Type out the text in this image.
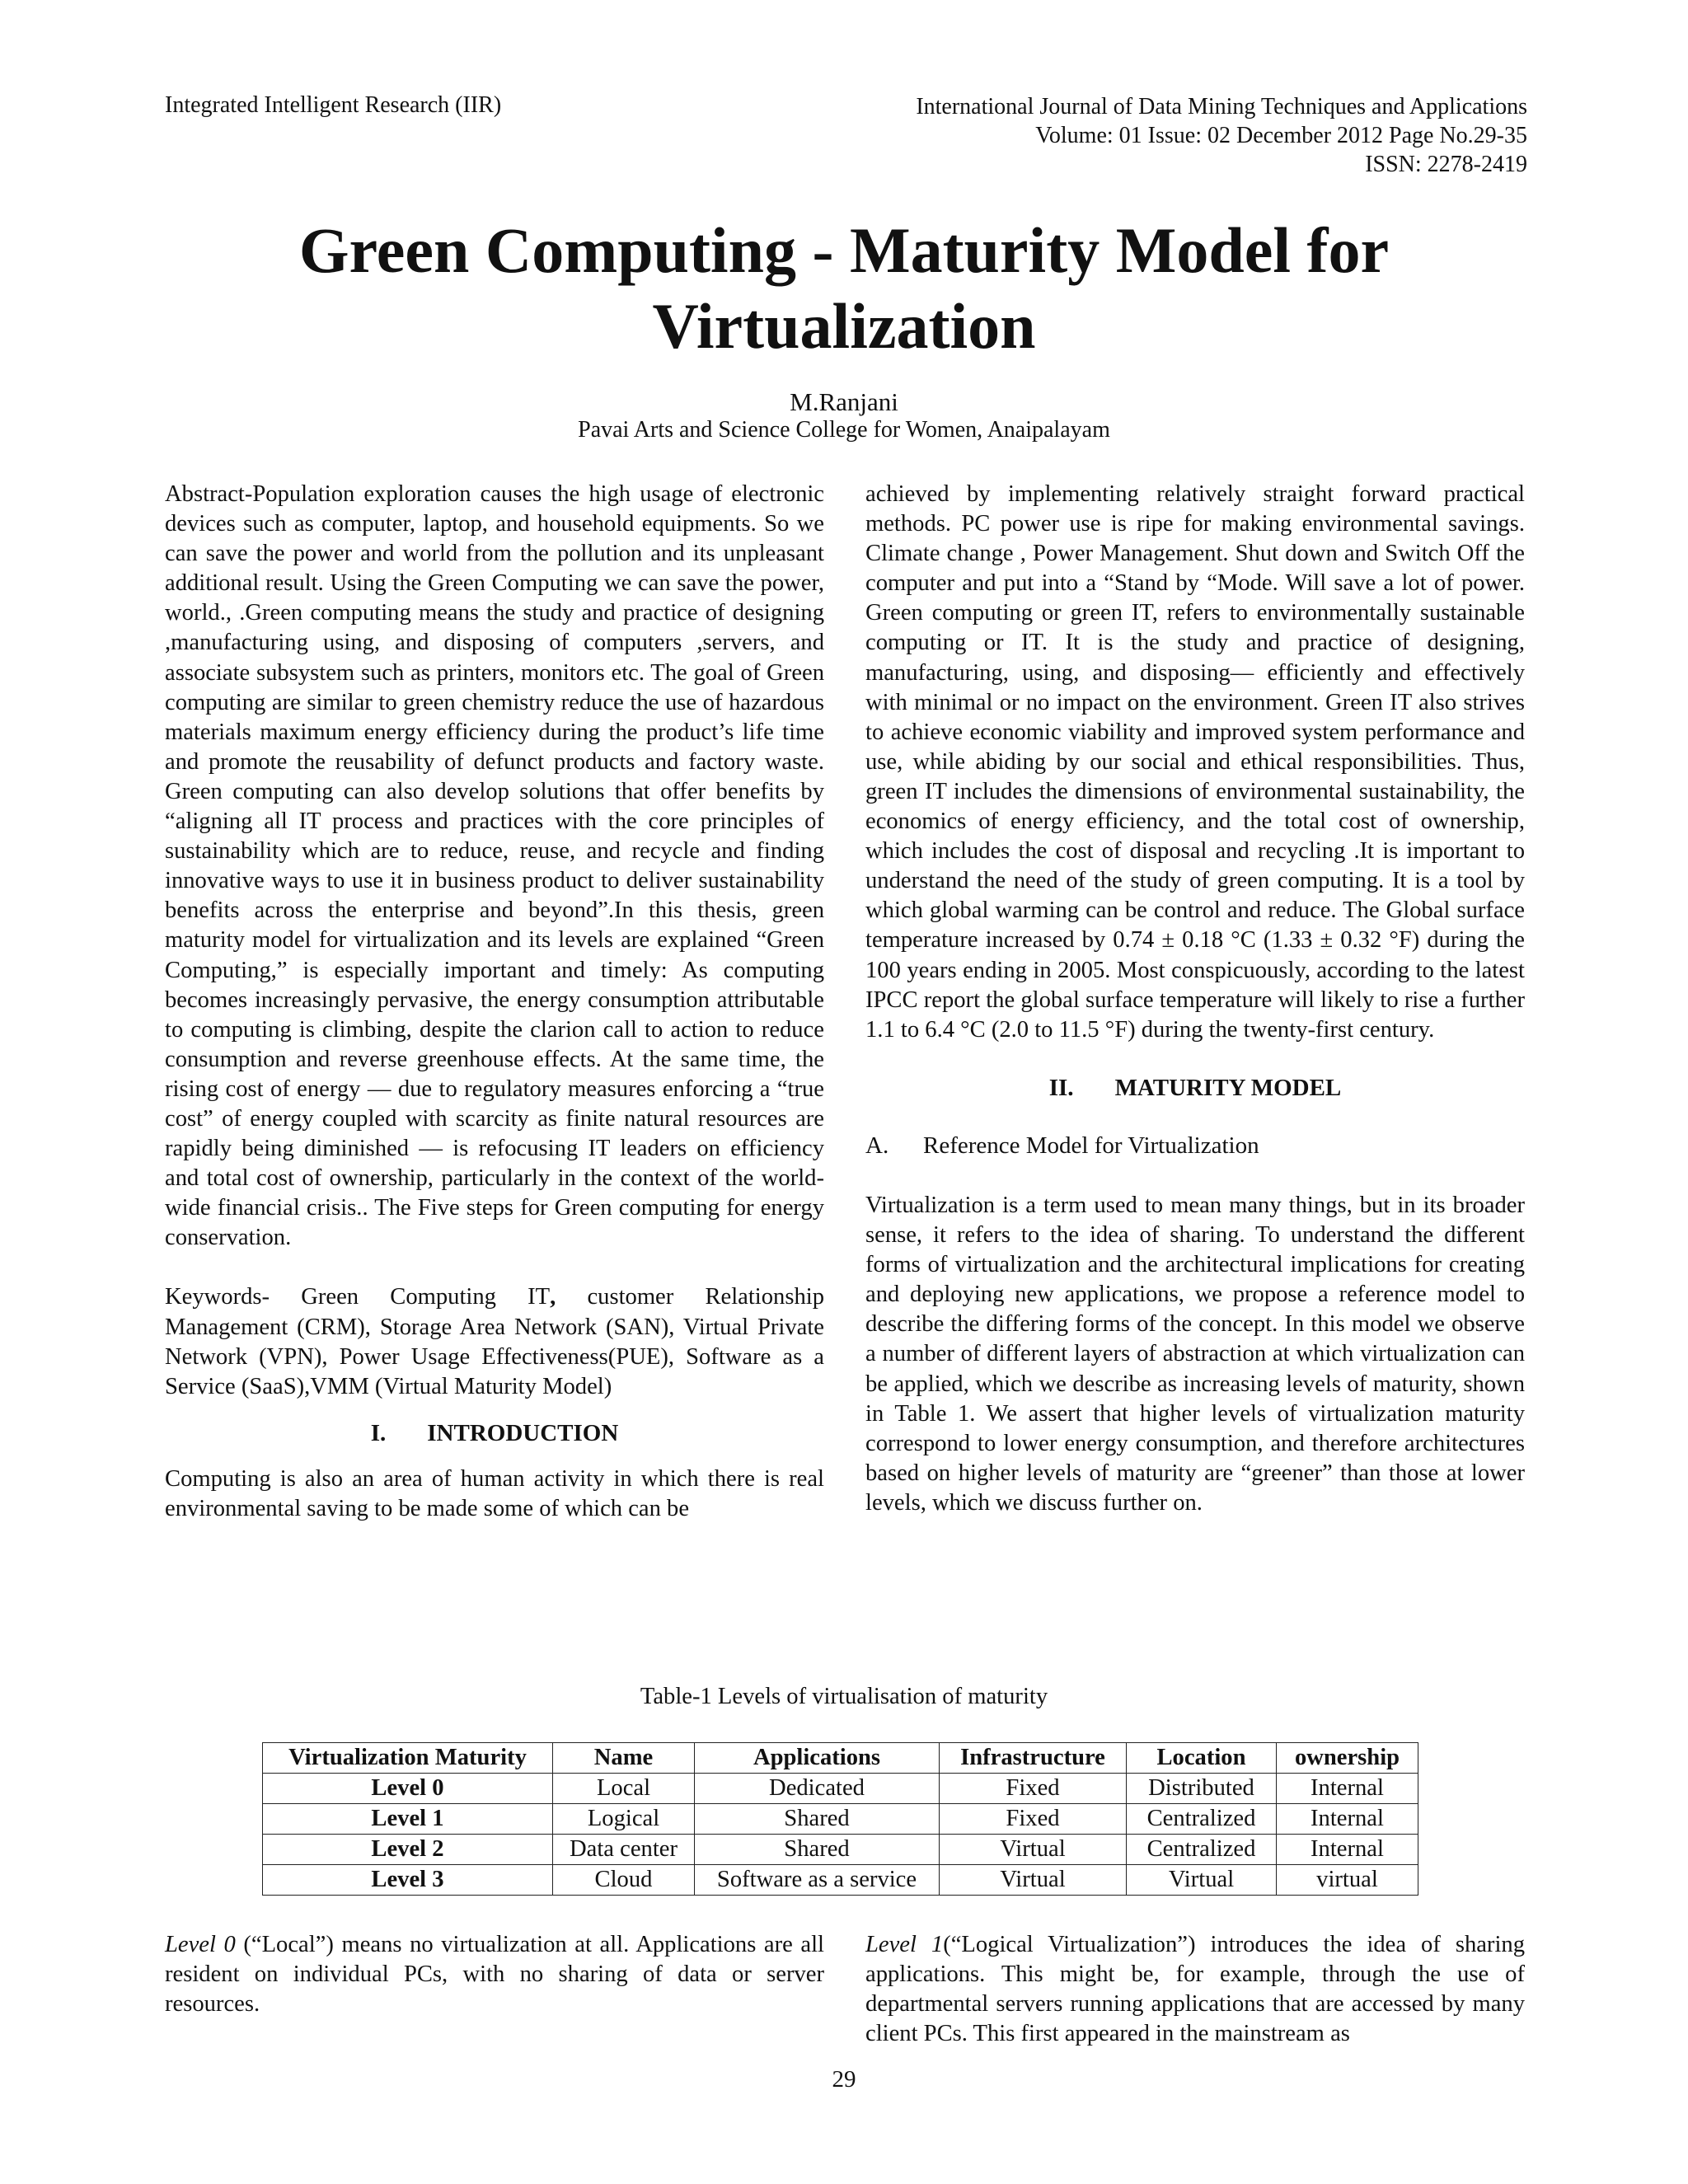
Integrated Intelligent Research (IIR)	International Journal of Data Mining Techniques and Applications
Volume: 01 Issue: 02 December 2012 Page No.29-35
ISSN: 2278-2419
Green Computing - Maturity Model for
Virtualization
M.Ranjani
Pavai Arts and Science College for Women, Anaipalayam

Abstract-Population exploration causes the high usage of electronic devices such as computer, laptop, and household equipments. So we can save the power and world from the pollution and its unpleasant additional result. Using the Green Computing we can save the power, world., .Green computing means the study and practice of designing ,manufacturing using, and disposing of computers ,servers, and associate subsystem such as printers, monitors etc. The goal of Green computing are similar to green chemistry reduce the use of hazardous materials maximum energy efficiency during the product’s life time and promote the reusability of defunct products and factory waste. Green computing can also develop solutions that offer benefits by “aligning all IT process and practices with the core principles of sustainability which are to reduce, reuse, and recycle and finding innovative ways to use it in business product to deliver sustainability benefits across the enterprise and beyond”.In this thesis, green maturity model for virtualization and its levels are explained “Green Computing,” is especially important and timely: As computing becomes increasingly pervasive, the energy consumption attributable to computing is climbing, despite the clarion call to action to reduce consumption and reverse greenhouse effects. At the same time, the rising cost of energy — due to regulatory measures enforcing a “true cost” of energy coupled with scarcity as finite natural resources are rapidly being diminished — is refocusing IT leaders on efficiency and total cost of ownership, particularly in the context of the world-wide financial crisis.. The Five steps for Green computing for energy conservation.

Keywords- Green Computing IT, customer Relationship Management (CRM), Storage Area Network (SAN), Virtual Private Network (VPN), Power Usage Effectiveness(PUE), Software as a Service (SaaS),VMM (Virtual Maturity Model)

I. INTRODUCTION

Computing is also an area of human activity in which there is real environmental saving to be made some of which can be

achieved by implementing relatively straight forward practical methods. PC power use is ripe for making environmental savings. Climate change , Power Management. Shut down and Switch Off the computer and put into a “Stand by “Mode. Will save a lot of power. Green computing or green IT, refers to environmentally sustainable computing or IT. It is the study and practice of designing, manufacturing, using, and disposing— efficiently and effectively with minimal or no impact on the environment. Green IT also strives to achieve economic viability and improved system performance and use, while abiding by our social and ethical responsibilities. Thus, green IT includes the dimensions of environmental sustainability, the economics of energy efficiency, and the total cost of ownership, which includes the cost of disposal and recycling .It is important to understand the need of the study of green computing. It is a tool by which global warming can be control and reduce. The Global surface temperature increased by 0.74 ± 0.18 °C (1.33 ± 0.32 °F) during the 100 years ending in 2005. Most conspicuously, according to the latest IPCC report the global surface temperature will likely to rise a further 1.1 to 6.4 °C (2.0 to 11.5 °F) during the twenty-first century.

II. MATURITY MODEL

A. Reference Model for Virtualization

Virtualization is a term used to mean many things, but in its broader sense, it refers to the idea of sharing. To understand the different forms of virtualization and the architectural implications for creating and deploying new applications, we propose a reference model to describe the differing forms of the concept. In this model we observe a number of different layers of abstraction at which virtualization can be applied, which we describe as increasing levels of maturity, shown in Table 1. We assert that higher levels of virtualization maturity correspond to lower energy consumption, and therefore architectures based on higher levels of maturity are “greener” than those at lower levels, which we discuss further on.

Table-1 Levels of virtualisation of maturity
Virtualization Maturity	Name	Applications	Infrastructure	Location	ownership
Level 0	Local	Dedicated	Fixed	Distributed	Internal
Level 1	Logical	Shared	Fixed	Centralized	Internal
Level 2	Data center	Shared	Virtual	Centralized	Internal
Level 3	Cloud	Software as a service	Virtual	Virtual	virtual
Level 0 (“Local”) means no virtualization at all. Applications are all resident on individual PCs, with no sharing of data or server resources.
Level 1(“Logical Virtualization”) introduces the idea of sharing applications. This might be, for example, through the use of departmental servers running applications that are accessed by many client PCs. This first appeared in the mainstream as
29
